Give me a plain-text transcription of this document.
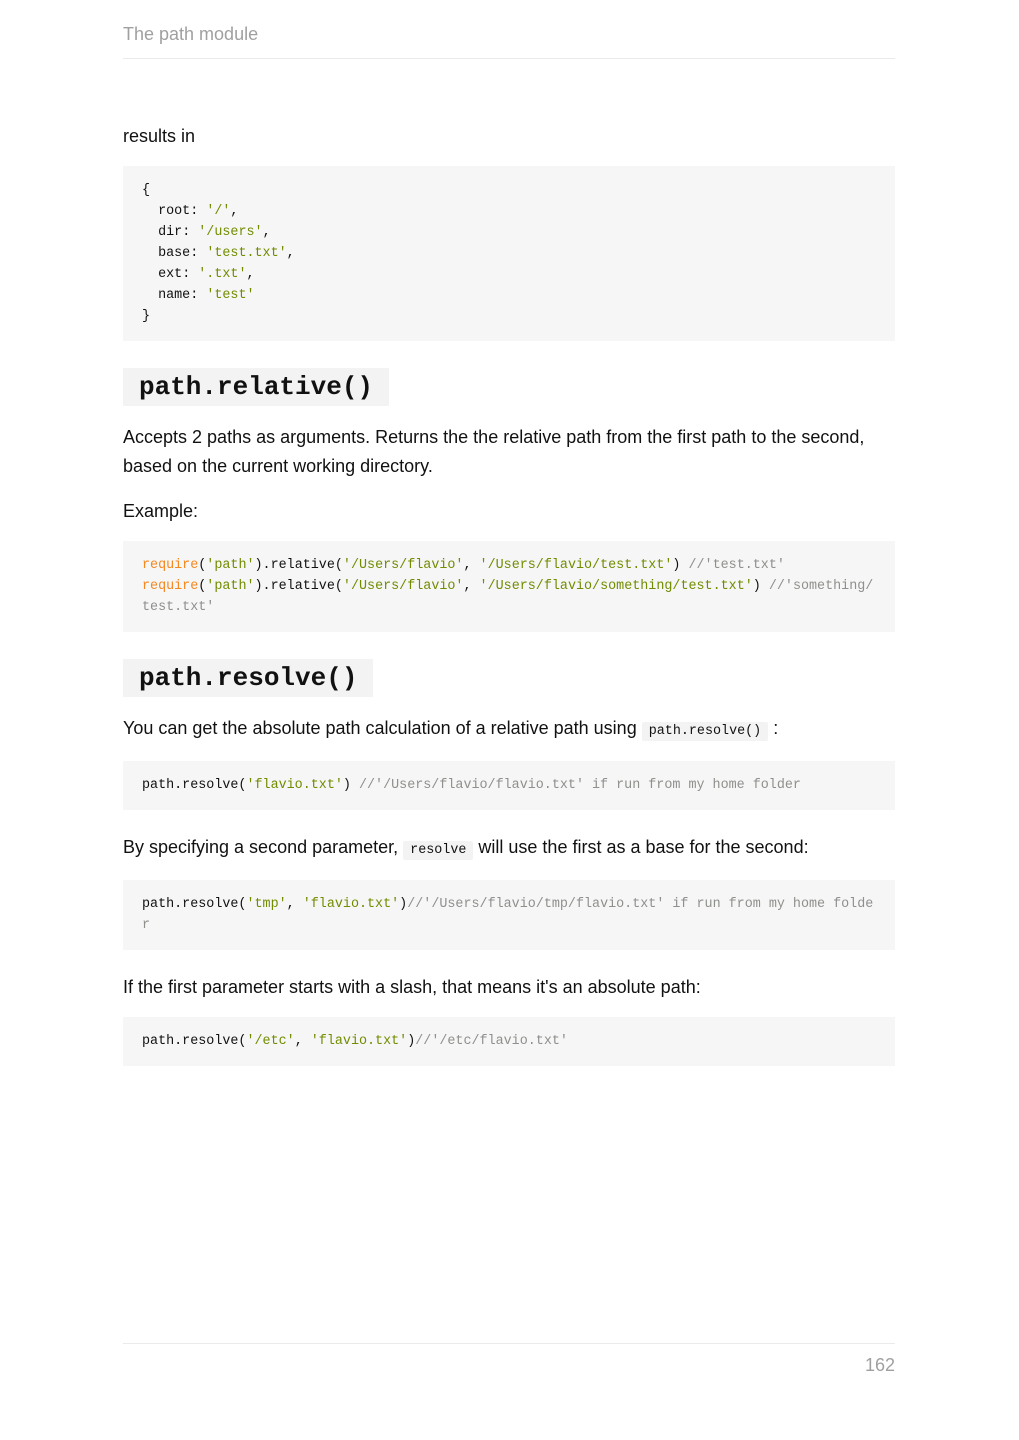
The path module

results in

{
root: '/',
dir: '/users',
base: 'test.txt',
ext: '.txt',
name: 'test'
}
path.relative()

Accepts 2 paths as arguments. Returns the the relative path from the first path to the second, based on the current working directory.

Example:

require('path').relative('/Users/flavio', '/Users/flavio/test.txt') //'test.txt'
require('path').relative('/Users/flavio', '/Users/flavio/something/test.txt') //'something/test.txt'
path.resolve()

You can get the absolute path calculation of a relative path using path.resolve() :

path.resolve('flavio.txt') //'/Users/flavio/flavio.txt' if run from my home folder

By specifying a second parameter, resolve will use the first as a base for the second:

path.resolve('tmp', 'flavio.txt')//'/Users/flavio/tmp/flavio.txt' if run from my home folder

If the first parameter starts with a slash, that means it's an absolute path:

path.resolve('/etc', 'flavio.txt')//'/etc/flavio.txt'
162
